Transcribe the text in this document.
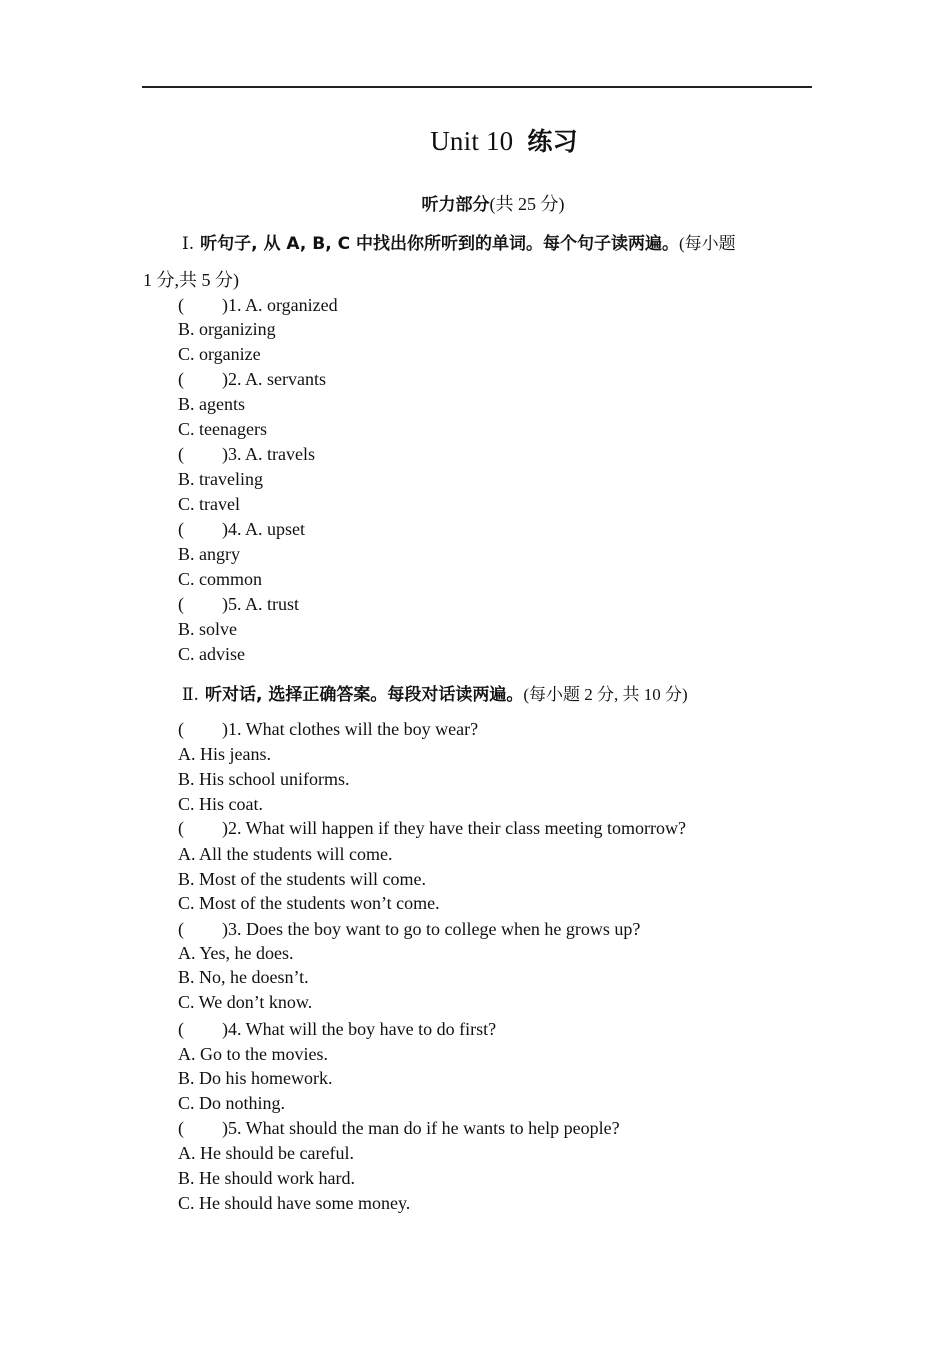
Unit 10 练习
听力部分(共 25 分)
Ⅰ. 听句子, 从 A, B, C 中找出你所听到的单词。每个句子读两遍。(每小题
1 分,共 5 分)
( )1. A. organized
B. organizing
C. organize
( )2. A. servants
B. agents
C. teenagers
( )3. A. travels
B. traveling
C. travel
( )4. A. upset
B. angry
C. common
( )5. A. trust
B. solve
C. advise
Ⅱ. 听对话, 选择正确答案。每段对话读两遍。(每小题 2 分, 共 10 分)
( )1. What clothes will the boy wear?
A. His jeans.
B. His school uniforms.
C. His coat.
( )2. What will happen if they have their class meeting tomorrow?
A. All the students will come.
B. Most of the students will come.
C. Most of the students won’t come.
( )3. Does the boy want to go to college when he grows up?
A. Yes, he does.
B. No, he doesn’t.
C. We don’t know.
( )4. What will the boy have to do first?
A. Go to the movies.
B. Do his homework.
C. Do nothing.
( )5. What should the man do if he wants to help people?
A. He should be careful.
B. He should work hard.
C. He should have some money.
